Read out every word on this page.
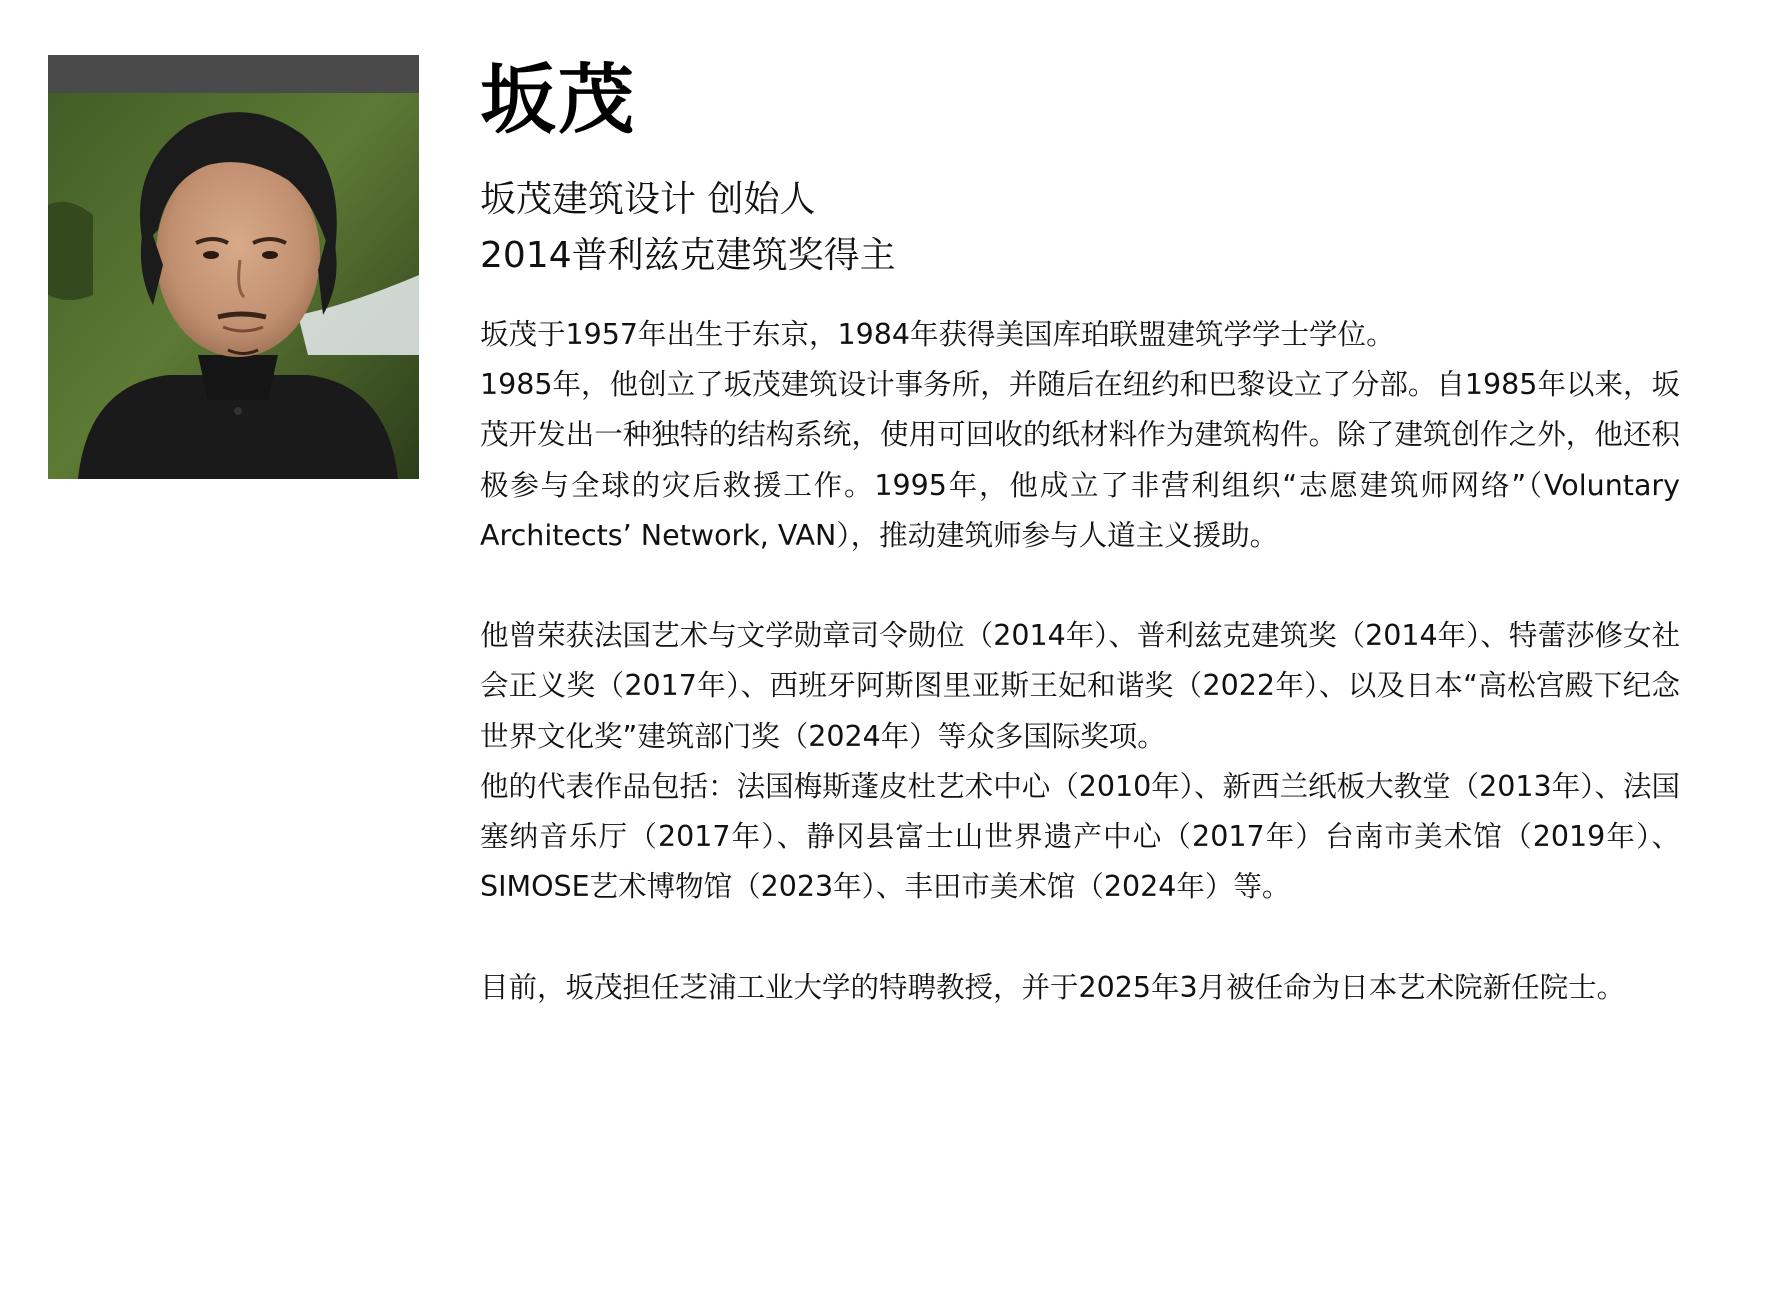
坂茂
坂茂建筑设计 创始人
2014普利兹克建筑奖得主

坂茂于1957年出生于东京，1984年获得美国库珀联盟建筑学学士学位。

1985年，他创立了坂茂建筑设计事务所，并随后在纽约和巴黎设立了分部。自1985年以来，坂茂开发出一种独特的结构系统，使用可回收的纸材料作为建筑构件。除了建筑创作之外，他还积极参与全球的灾后救援工作。1995年，他成立了非营利组织“志愿建筑师网络”（Voluntary Architects’ Network, VAN），推动建筑师参与人道主义援助。

他曾荣获法国艺术与文学勋章司令勋位（2014年）、普利兹克建筑奖（2014年）、特蕾莎修女社会正义奖（2017年）、西班牙阿斯图里亚斯王妃和谐奖（2022年）、以及日本“高松宫殿下纪念世界文化奖”建筑部门奖（2024年）等众多国际奖项。

他的代表作品包括：法国梅斯蓬皮杜艺术中心（2010年）、新西兰纸板大教堂（2013年）、法国塞纳音乐厅（2017年）、静冈县富士山世界遗产中心（2017年）台南市美术馆（2019年）、SIMOSE艺术博物馆（2023年）、丰田市美术馆（2024年）等。

目前，坂茂担任芝浦工业大学的特聘教授，并于2025年3月被任命为日本艺术院新任院士。
